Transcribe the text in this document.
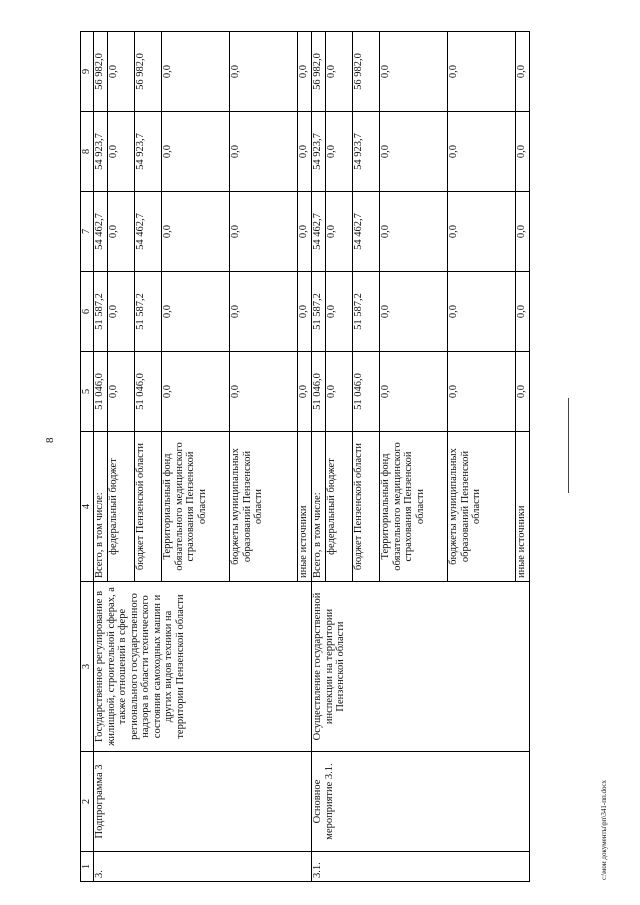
8
c:\мои документы\рп\341-пп.docx
1	2	3	4	5	6	7	8	9
3.	Подпрограмма 3	Государственное регулирование в жилищной, строительной сферах, а также отношений в сфере регионального государственного надзора в области технического состояния самоходных машин и других видов техники на территории Пензенской области	Всего, в том числе:	51 046,0	51 587,2	54 462,7	54 923,7	56 982,0
			федеральный бюджет	0,0	0,0	0,0	0,0	0,0
			бюджет Пензенской области	51 046,0	51 587,2	54 462,7	54 923,7	56 982,0
			Территориальный фонд обязательного медицинского страхования Пензенской области	0,0	0,0	0,0	0,0	0,0
			бюджеты муниципальных образований Пензенской области	0,0	0,0	0,0	0,0	0,0
			иные источники	0,0	0,0	0,0	0,0	0,0
3.1.	Основное мероприятие 3.1.	Осуществление государственной инспекции на территории Пензенской области	Всего, в том числе:	51 046,0	51 587,2	54 462,7	54 923,7	56 982,0
			федеральный бюджет	0,0	0,0	0,0	0,0	0,0
			бюджет Пензенской области	51 046,0	51 587,2	54 462,7	54 923,7	56 982,0
			Территориальный фонд обязательного медицинского страхования Пензенской области	0,0	0,0	0,0	0,0	0,0
			бюджеты муниципальных образований Пензенской области	0,0	0,0	0,0	0,0	0,0
			иные источники	0,0	0,0	0,0	0,0	0,0
